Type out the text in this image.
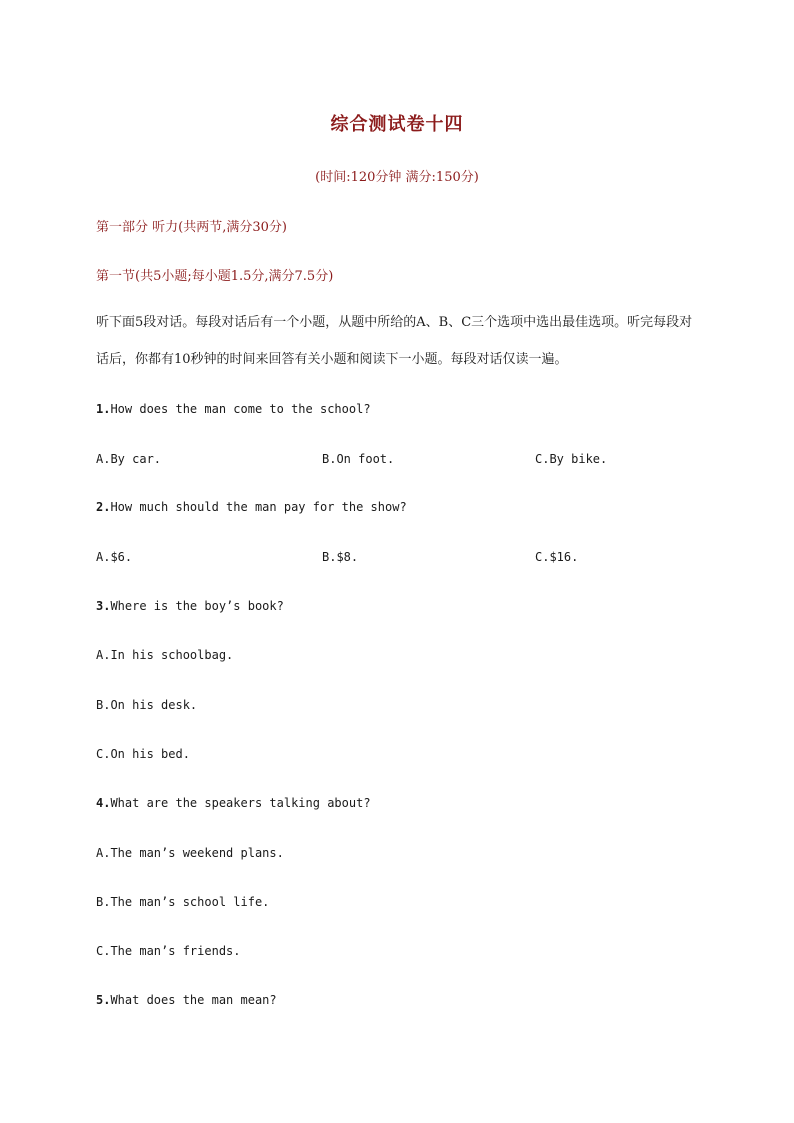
综合测试卷十四
(时间:120分钟 满分:150分)
第一部分 听力(共两节,满分30分)
第一节(共5小题;每小题1.5分,满分7.5分)
听下面5段对话。每段对话后有一个小题，从题中所给的A、B、C三个选项中选出最佳选项。听完每段对话后，你都有10秒钟的时间来回答有关小题和阅读下一小题。每段对话仅读一遍。
1.How does the man come to the school?
A.By car.	B.On foot.	C.By bike.
2.How much should the man pay for the show?
A.$6.	B.$8.	C.$16.
3.Where is the boy’s book?
A.In his schoolbag.
B.On his desk.
C.On his bed.
4.What are the speakers talking about?
A.The man’s weekend plans.
B.The man’s school life.
C.The man’s friends.
5.What does the man mean?
